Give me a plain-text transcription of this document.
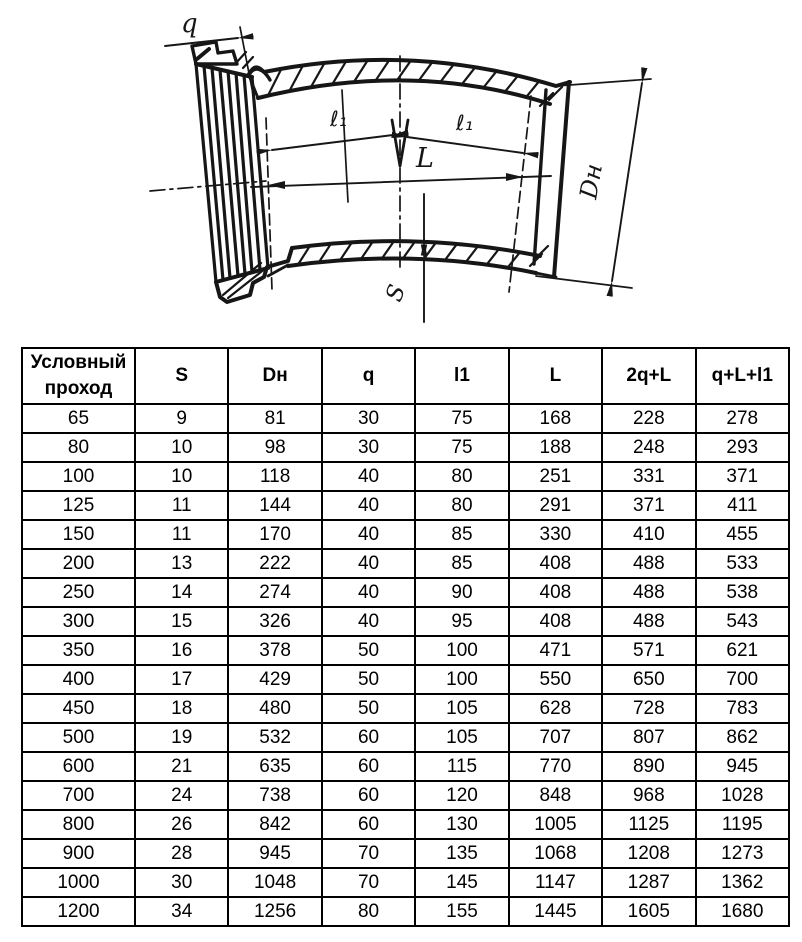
q
ℓ₁	ℓ₁
L
Dн
S
Условный проход	S	Dн	q	l1	L	2q+L	q+L+l1
65	9	81	30	75	168	228	278
80	10	98	30	75	188	248	293
100	10	118	40	80	251	331	371
125	11	144	40	80	291	371	411
150	11	170	40	85	330	410	455
200	13	222	40	85	408	488	533
250	14	274	40	90	408	488	538
300	15	326	40	95	408	488	543
350	16	378	50	100	471	571	621
400	17	429	50	100	550	650	700
450	18	480	50	105	628	728	783
500	19	532	60	105	707	807	862
600	21	635	60	115	770	890	945
700	24	738	60	120	848	968	1028
800	26	842	60	130	1005	1125	1195
900	28	945	70	135	1068	1208	1273
1000	30	1048	70	145	1147	1287	1362
1200	34	1256	80	155	1445	1605	1680
